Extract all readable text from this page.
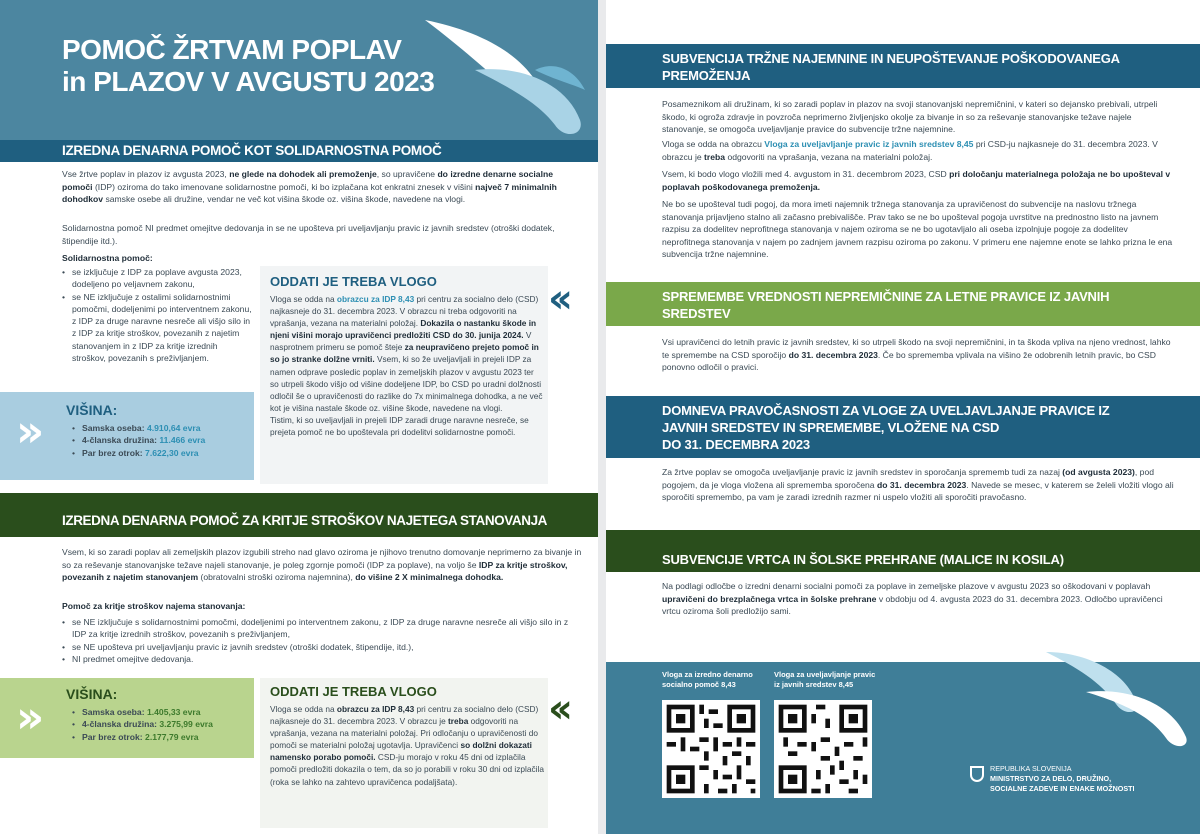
POMOČ ŽRTVAM POPLAV
in PLAZOV V AVGUSTU 2023
IZREDNA DENARNA POMOČ KOT SOLIDARNOSTNA POMOČ
Vse žrtve poplav in plazov iz avgusta 2023, ne glede na dohodek ali premoženje, so upravičene do izredne denarne socialne pomoči (IDP) oziroma do tako imenovane solidarnostne pomoči, ki bo izplačana kot enkratni znesek v višini največ 7 minimalnih dohodkov samske osebe ali družine, vendar ne več kot višina škode oz. višina škode, navedene na vlogi.
Solidarnostna pomoč NI predmet omejitve dedovanja in se ne upošteva pri uveljavljanju pravic iz javnih sredstev (otroški dodatek, štipendije itd.).
Solidarnostna pomoč:
• se izključuje z IDP za poplave avgusta 2023, dodeljeno po veljavnem zakonu,
• se NE izključuje z ostalimi solidarnostnimi pomočmi, dodeljenimi po interventnem zakonu, z IDP za druge naravne nesreče ali višjo silo in z IDP za kritje stroškov, povezanih z najetim stanovanjem in z IDP za kritje izrednih stroškov, povezanih s preživljanjem.
ODDATI JE TREBA VLOGO
Vloga se odda na obrazcu za IDP 8,43 pri centru za socialno delo (CSD) najkasneje do 31. decembra 2023. V obrazcu ni treba odgovoriti na vprašanja, vezana na materialni položaj. Dokazila o nastanku škode in njeni višini morajo upravičenci predložiti CSD do 30. junija 2024. V nasprotnem primeru se pomoč šteje za neupravičeno prejeto pomoč in so jo stranke dolžne vrniti. Vsem, ki so že uveljavljali in prejeli IDP za namen odprave posledic poplav in zemeljskih plazov v avgustu 2023 ter so utrpeli škodo višjo od višine dodeljene IDP, bo CSD po uradni dolžnosti odločil še o upravičenosti do razlike do 7x minimalnega dohodka, a ne več kot je višina nastale škode oz. višine škode, navedene na vlogi.
Tistim, ki so uveljavljali in prejeli IDP zaradi druge naravne nesreče, se prejeta pomoč ne bo upoštevala pri dodelitvi solidarnostne pomoči.
‹‹
›› VIŠINA:
• Samska oseba: 4.910,64 evra
• 4-članska družina: 11.466 evra
• Par brez otrok: 7.622,30 evra
IZREDNA DENARNA POMOČ ZA KRITJE STROŠKOV NAJETEGA STANOVANJA
Vsem, ki so zaradi poplav ali zemeljskih plazov izgubili streho nad glavo oziroma je njihovo trenutno domovanje neprimerno za bivanje in so za reševanje stanovanjske težave najeli stanovanje, je poleg zgornje pomoči (IDP za poplave), na voljo še IDP za kritje stroškov, povezanih z najetim stanovanjem (obratovalni stroški oziroma najemnina), do višine 2 X minimalnega dohodka.
Pomoč za kritje stroškov najema stanovanja:
• se NE izključuje s solidarnostnimi pomočmi, dodeljenimi po interventnem zakonu, z IDP za druge naravne nesreče ali višjo silo in z IDP za kritje izrednih stroškov, povezanih s preživljanjem,
• se NE upošteva pri uveljavljanju pravic iz javnih sredstev (otroški dodatek, štipendije, itd.),
• NI predmet omejitve dedovanja.
›› VIŠINA:
• Samska oseba: 1.405,33 evra
• 4-članska družina: 3.275,99 evra
• Par brez otrok: 2.177,79 evra
ODDATI JE TREBA VLOGO
Vloga se odda na obrazcu za IDP 8,43 pri centru za socialno delo (CSD) najkasneje do 31. decembra 2023. V obrazcu je treba odgovoriti na vprašanja, vezana na materialni položaj. Pri odločanju o upravičenosti do pomoči se materialni položaj ugotavlja. Upravičenci so dolžni dokazati namensko porabo pomoči. CSD-ju morajo v roku 45 dni od izplačila pomoči predložiti dokazila o tem, da so jo porabili v roku 30 dni od izplačila (roka se lahko na zahtevo upravičenca podaljšata).
‹‹
SUBVENCIJA TRŽNE NAJEMNINE IN NEUPOŠTEVANJE POŠKODOVANEGA PREMOŽENJA
Posameznikom ali družinam, ki so zaradi poplav in plazov na svoji stanovanjski nepremičnini, v kateri so dejansko prebivali, utrpeli škodo, ki ogroža zdravje in povzroča neprimerno življenjsko okolje za bivanje in so za reševanje stanovanjske težave najele stanovanje, se omogoča uveljavljanje pravice do subvencije tržne najemnine.
Vloga se odda na obrazcu Vloga za uveljavljanje pravic iz javnih sredstev 8,45 pri CSD-ju najkasneje do 31. decembra 2023. V obrazcu je treba odgovoriti na vprašanja, vezana na materialni položaj.
Vsem, ki bodo vlogo vložili med 4. avgustom in 31. decembrom 2023, CSD pri določanju materialnega položaja ne bo upošteval v poplavah poškodovanega premoženja.
Ne bo se upošteval tudi pogoj, da mora imeti najemnik tržnega stanovanja za upravičenost do subvencije na naslovu tržnega stanovanja prijavljeno stalno ali začasno prebivališče. Prav tako se ne bo upošteval pogoja uvrstitve na prednostno listo na javnem razpisu za dodelitev neprofitnega stanovanja v najem oziroma se ne bo ugotavljalo ali oseba izpolnjuje pogoje za dodelitev neprofitnega stanovanja v najem po zadnjem javnem razpisu oziroma po zakonu. V primeru ene najemne enote se lahko prizna le ena subvencija tržne najemnine.
SPREMEMBE VREDNOSTI NEPREMIČNINE ZA LETNE PRAVICE IZ JAVNIH SREDSTEV
Vsi upravičenci do letnih pravic iz javnih sredstev, ki so utrpeli škodo na svoji nepremičnini, in ta škoda vpliva na njeno vrednost, lahko te spremembe na CSD sporočijo do 31. decembra 2023. Če bo sprememba vplivala na višino že odobrenih letnih pravic, bo CSD ponovno odločil o pravici.
DOMNEVA PRAVOČASNOSTI ZA VLOGE ZA UVELJAVLJANJE PRAVICE IZ
JAVNIH SREDSTEV IN SPREMEMBE, VLOŽENE NA CSD
DO 31. DECEMBRA 2023
Za žrtve poplav se omogoča uveljavljanje pravic iz javnih sredstev in sporočanja sprememb tudi za nazaj (od avgusta 2023), pod pogojem, da je vloga vložena ali sprememba sporočena do 31. decembra 2023. Navede se mesec, v katerem se želeli vložiti vlogo ali sporočiti spremembo, pa vam je zaradi izrednih razmer ni uspelo vložiti ali sporočiti pravočasno.
SUBVENCIJE VRTCA IN ŠOLSKE PREHRANE (MALICE IN KOSILA)
Na podlagi odločbe o izredni denarni socialni pomoči za poplave in zemeljske plazove v avgustu 2023 so oškodovani v poplavah upravičeni do brezplačnega vrtca in šolske prehrane v obdobju od 4. avgusta 2023 do 31. decembra 2023. Odločbo upravičenci vrtcu oziroma šoli predložijo sami.
Vloga za izredno denarno
socialno pomoč 8,43
Vloga za uveljavljanje pravic
iz javnih sredstev 8,45
REPUBLIKA SLOVENIJA
MINISTRSTVO ZA DELO, DRUŽINO,
SOCIALNE ZADEVE IN ENAKE MOŽNOSTI
